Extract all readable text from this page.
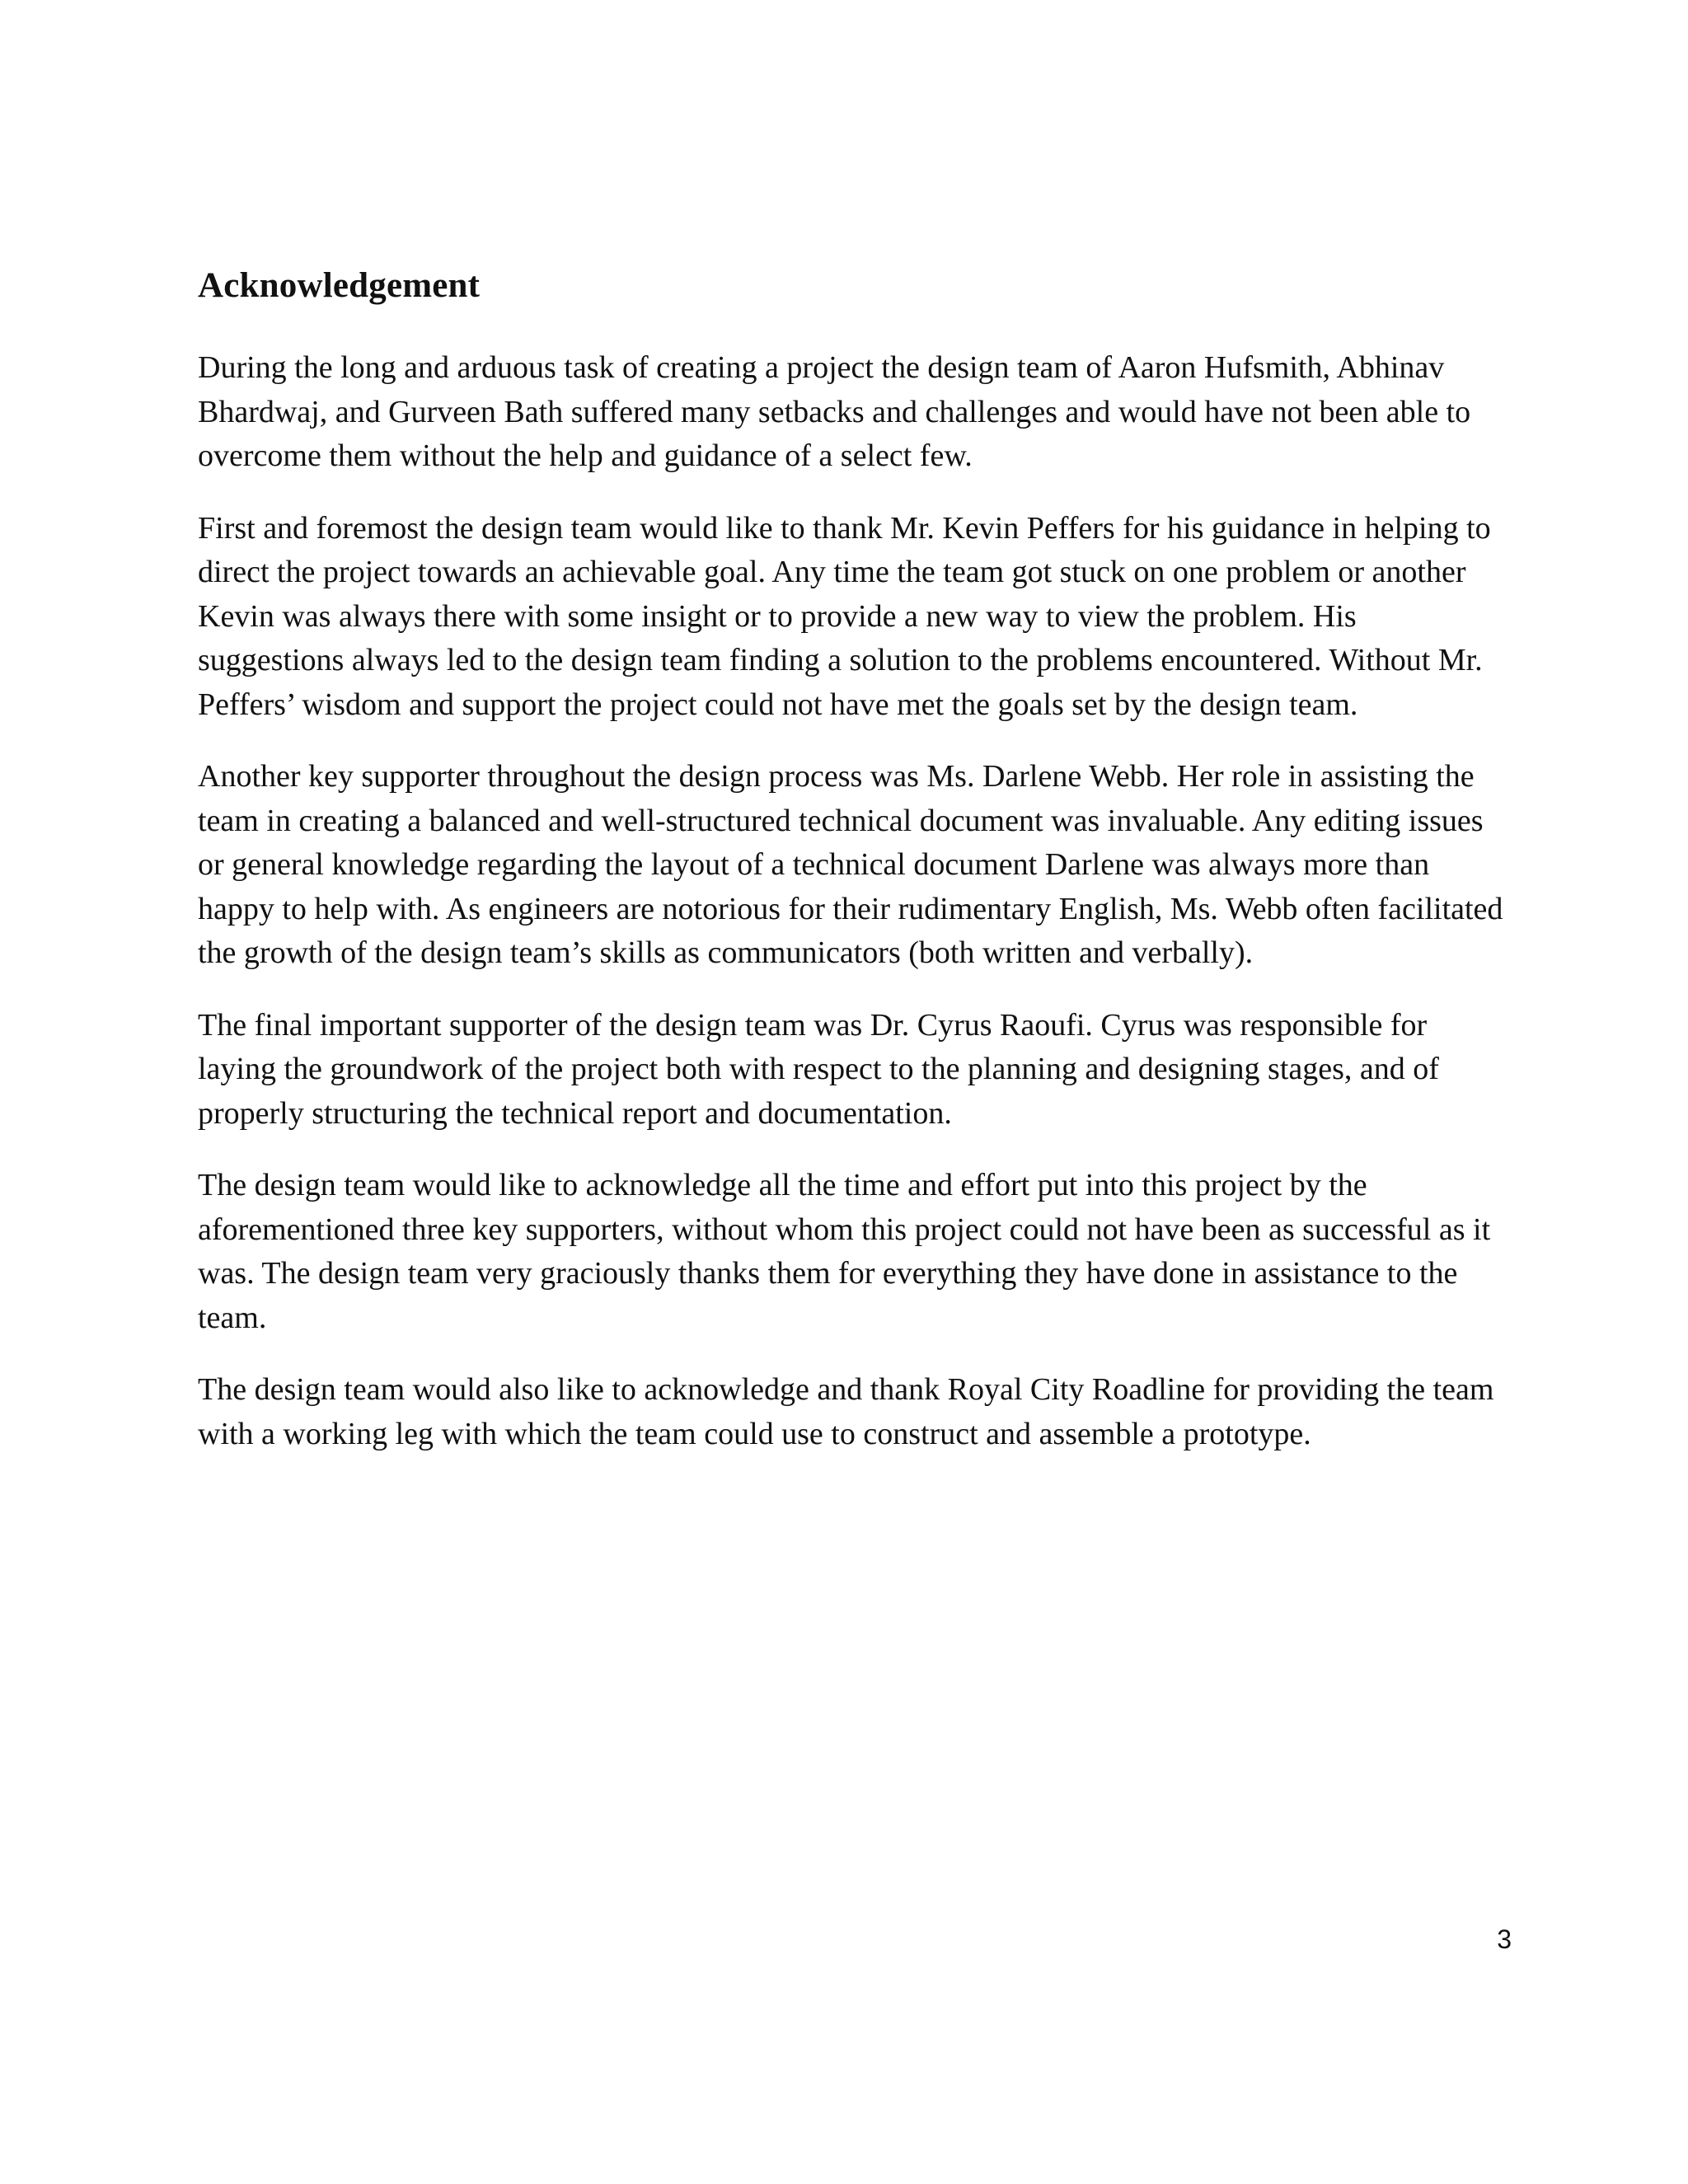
Acknowledgement

During the long and arduous task of creating a project the design team of Aaron Hufsmith, Abhinav Bhardwaj, and Gurveen Bath suffered many setbacks and challenges and would have not been able to overcome them without the help and guidance of a select few.

First and foremost the design team would like to thank Mr. Kevin Peffers for his guidance in helping to direct the project towards an achievable goal. Any time the team got stuck on one problem or another Kevin was always there with some insight or to provide a new way to view the problem. His suggestions always led to the design team finding a solution to the problems encountered. Without Mr. Peffers’ wisdom and support the project could not have met the goals set by the design team.

Another key supporter throughout the design process was Ms. Darlene Webb. Her role in assisting the team in creating a balanced and well-structured technical document was invaluable. Any editing issues or general knowledge regarding the layout of a technical document Darlene was always more than happy to help with. As engineers are notorious for their rudimentary English, Ms. Webb often facilitated the growth of the design team’s skills as communicators (both written and verbally).

The final important supporter of the design team was Dr. Cyrus Raoufi. Cyrus was responsible for laying the groundwork of the project both with respect to the planning and designing stages, and of properly structuring the technical report and documentation.

The design team would like to acknowledge all the time and effort put into this project by the aforementioned three key supporters, without whom this project could not have been as successful as it was. The design team very graciously thanks them for everything they have done in assistance to the team.

The design team would also like to acknowledge and thank Royal City Roadline for providing the team with a working leg with which the team could use to construct and assemble a prototype.

3
